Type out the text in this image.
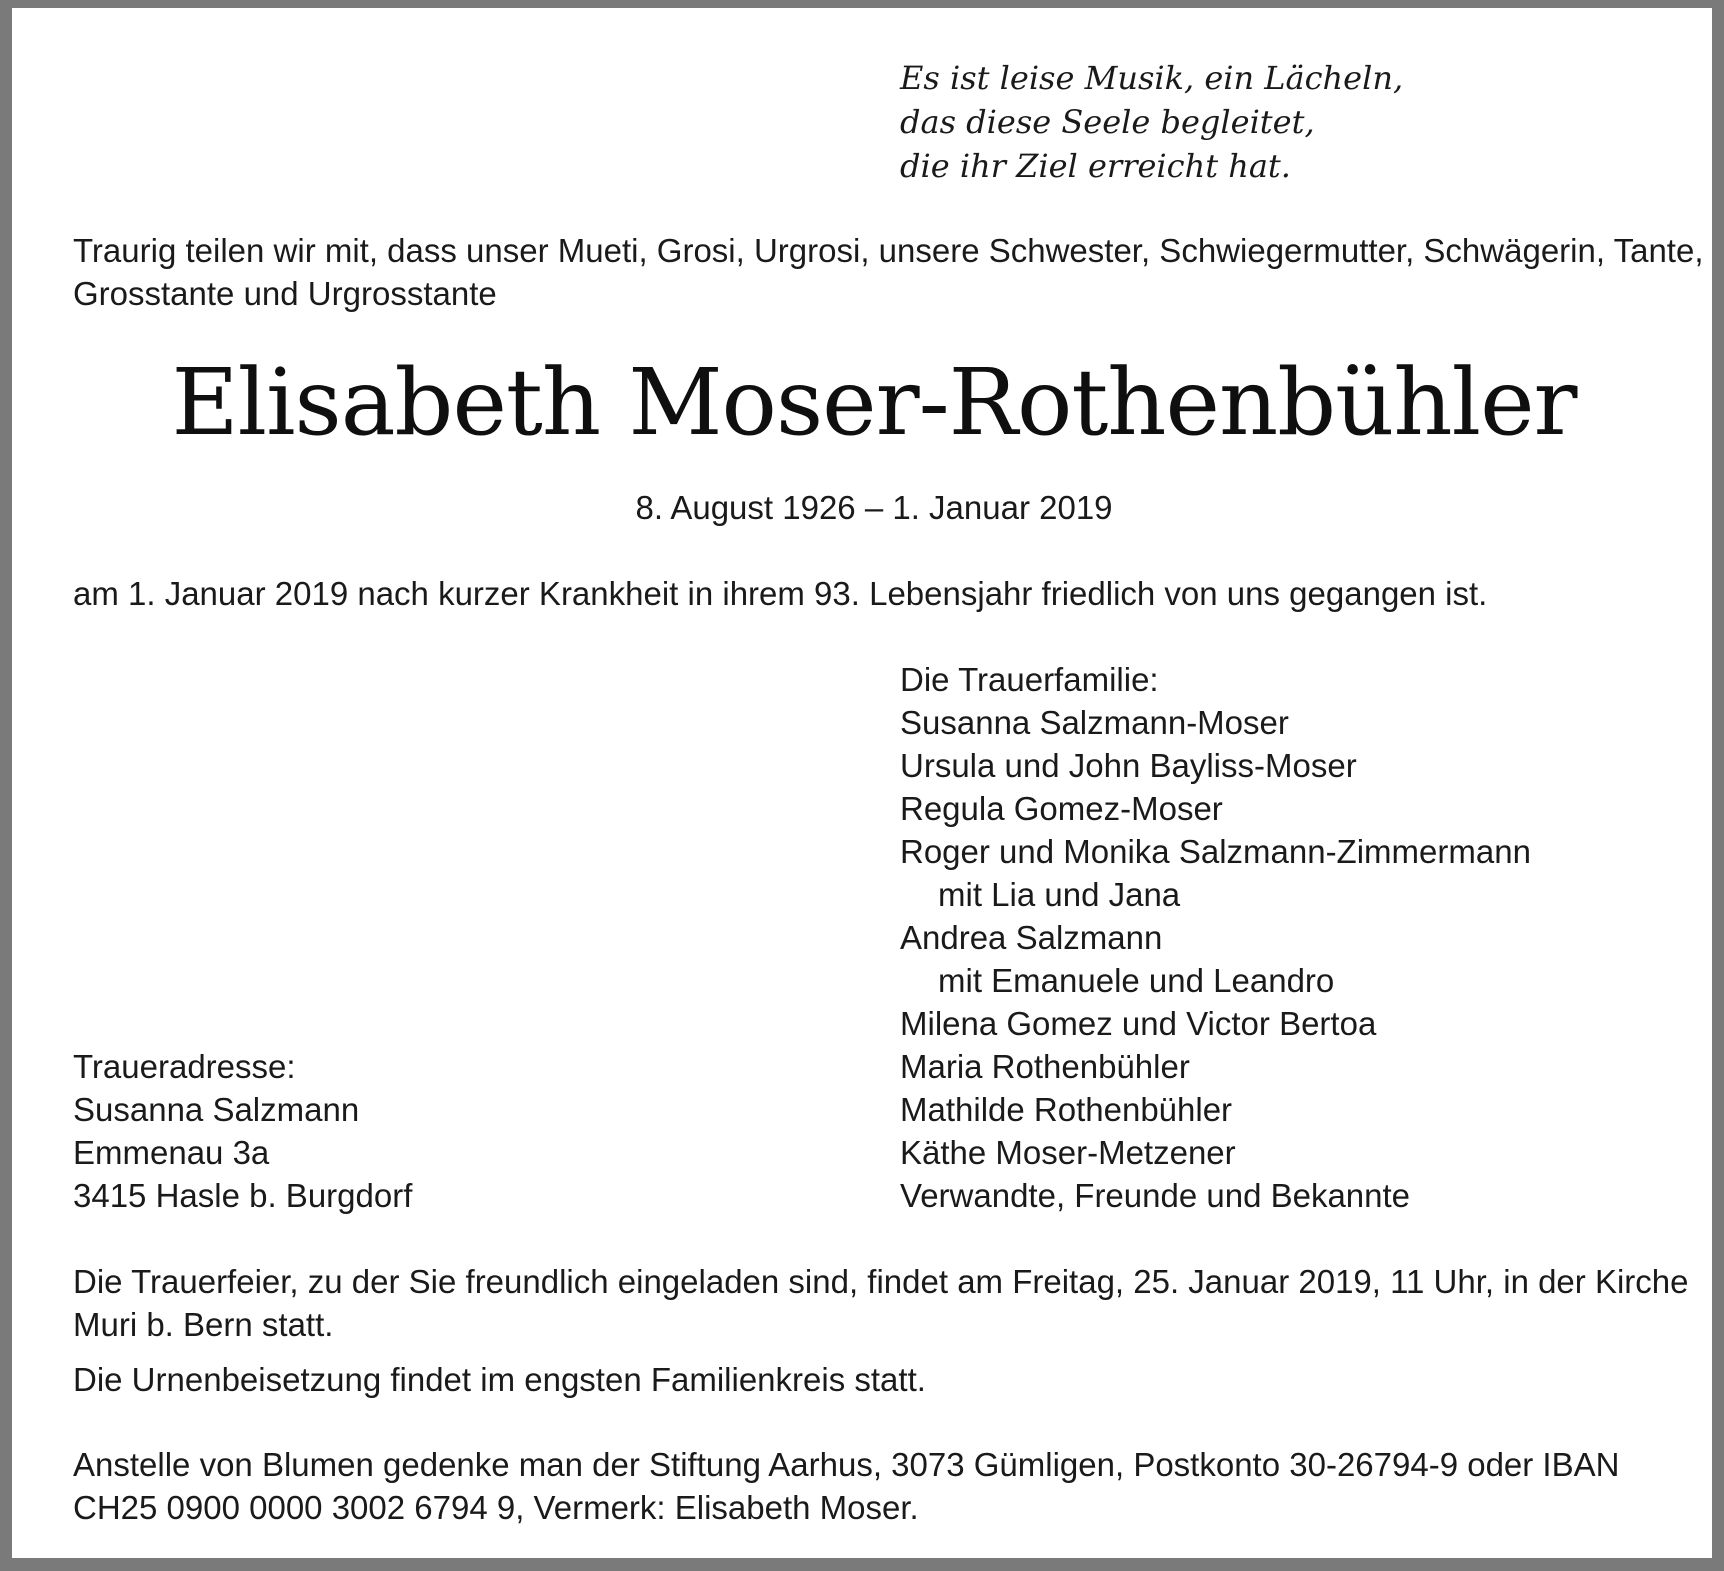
Es ist leise Musik, ein Lächeln,
das diese Seele begleitet,
die ihr Ziel erreicht hat.
Traurig teilen wir mit, dass unser Mueti, Grosi, Urgrosi, unsere Schwester, Schwiegermutter, Schwägerin, Tante,
Grosstante und Urgrosstante
Elisabeth Moser-Rothenbühler
8. August 1926 – 1. Januar 2019
am 1. Januar 2019 nach kurzer Krankheit in ihrem 93. Lebensjahr friedlich von uns gegangen ist.
Die Trauerfamilie:
Susanna Salzmann-Moser
Ursula und John Bayliss-Moser
Regula Gomez-Moser
Roger und Monika Salzmann-Zimmermann
mit Lia und Jana
Andrea Salzmann
mit Emanuele und Leandro
Milena Gomez und Victor Bertoa
Maria Rothenbühler
Mathilde Rothenbühler
Käthe Moser-Metzener
Verwandte, Freunde und Bekannte
Traueradresse:
Susanna Salzmann
Emmenau 3a
3415 Hasle b. Burgdorf
Die Trauerfeier, zu der Sie freundlich eingeladen sind, findet am Freitag, 25. Januar 2019, 11 Uhr, in der Kirche
Muri b. Bern statt.
Die Urnenbeisetzung findet im engsten Familienkreis statt.
Anstelle von Blumen gedenke man der Stiftung Aarhus, 3073 Gümligen, Postkonto 30-26794-9 oder IBAN
CH25 0900 0000 3002 6794 9, Vermerk: Elisabeth Moser.
